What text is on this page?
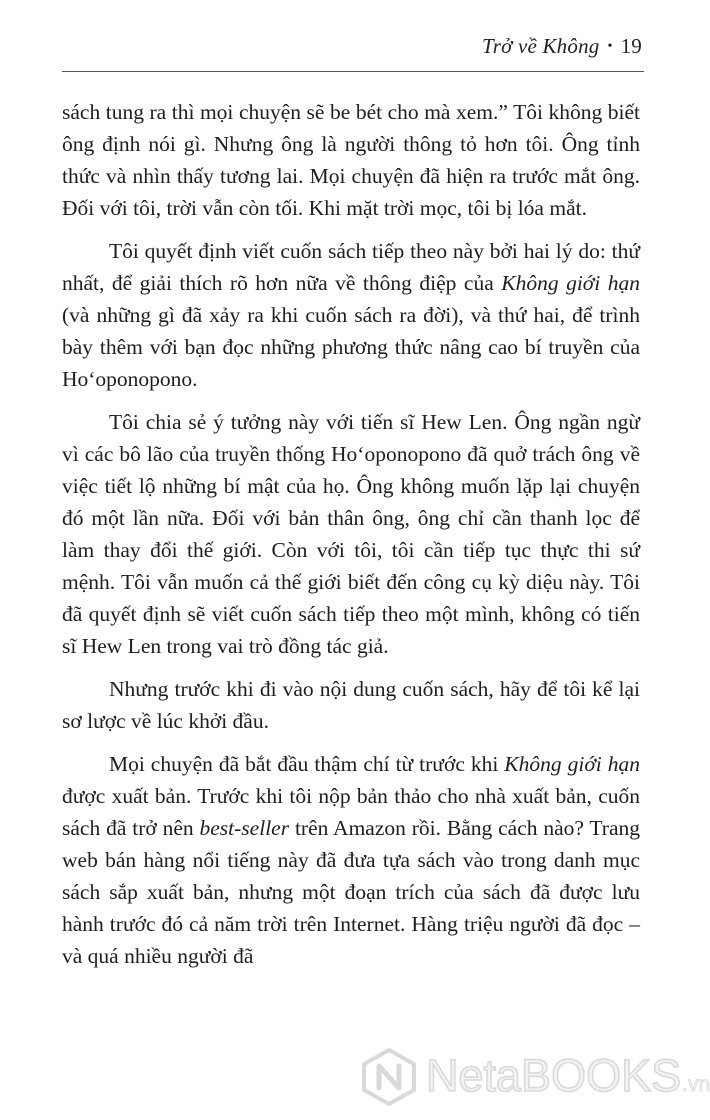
Trở về Không • 19

sách tung ra thì mọi chuyện sẽ be bét cho mà xem.” Tôi không biết ông định nói gì. Nhưng ông là người thông tỏ hơn tôi. Ông tỉnh thức và nhìn thấy tương lai. Mọi chuyện đã hiện ra trước mắt ông. Đối với tôi, trời vẫn còn tối. Khi mặt trời mọc, tôi bị lóa mắt.

Tôi quyết định viết cuốn sách tiếp theo này bởi hai lý do: thứ nhất, để giải thích rõ hơn nữa về thông điệp của Không giới hạn (và những gì đã xảy ra khi cuốn sách ra đời), và thứ hai, để trình bày thêm với bạn đọc những phương thức nâng cao bí truyền của Hoʻoponopono.

Tôi chia sẻ ý tưởng này với tiến sĩ Hew Len. Ông ngần ngừ vì các bô lão của truyền thống Hoʻoponopono đã quở trách ông về việc tiết lộ những bí mật của họ. Ông không muốn lặp lại chuyện đó một lần nữa. Đối với bản thân ông, ông chỉ cần thanh lọc để làm thay đổi thế giới. Còn với tôi, tôi cần tiếp tục thực thi sứ mệnh. Tôi vẫn muốn cả thế giới biết đến công cụ kỳ diệu này. Tôi đã quyết định sẽ viết cuốn sách tiếp theo một mình, không có tiến sĩ Hew Len trong vai trò đồng tác giả.

Nhưng trước khi đi vào nội dung cuốn sách, hãy để tôi kể lại sơ lược về lúc khởi đầu.

Mọi chuyện đã bắt đầu thậm chí từ trước khi Không giới hạn được xuất bản. Trước khi tôi nộp bản thảo cho nhà xuất bản, cuốn sách đã trở nên best-seller trên Amazon rồi. Bằng cách nào? Trang web bán hàng nổi tiếng này đã đưa tựa sách vào trong danh mục sách sắp xuất bản, nhưng một đoạn trích của sách đã được lưu hành trước đó cả năm trời trên Internet. Hàng triệu người đã đọc – và quá nhiều người đã

NetaBOOKS.vn
